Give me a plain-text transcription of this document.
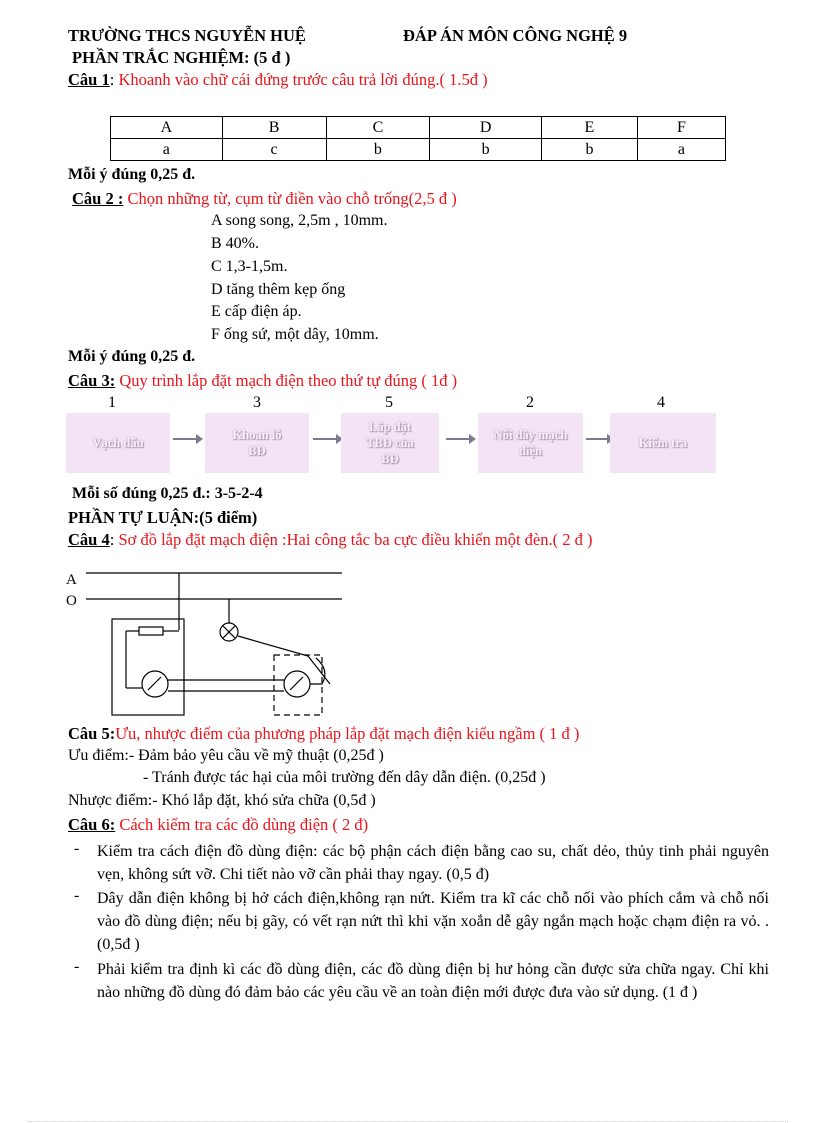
TRƯỜNG THCS NGUYỄN HUỆ	ĐÁP ÁN MÔN CÔNG NGHỆ 9
PHẦN TRẮC NGHIỆM: (5 đ )
Câu 1: Khoanh vào chữ cái đứng trước câu trả lời đúng.( 1.5đ )
A	B	C	D	E	F
a	c	b	b	b	a
Mỗi ý đúng 0,25 đ.
Câu 2 : Chọn những từ, cụm từ điền vào chỗ trống(2,5 đ )
A song song, 2,5m , 10mm.
B 40%.
C 1,3-1,5m.
D tăng thêm kẹp ống
E cấp điện áp.
F ống sứ, một dây, 10mm.
Mỗi ý đúng 0,25 đ.
Câu 3: Quy trình lắp đặt mạch điện theo thứ tự đúng ( 1đ )
1	3	5	2	4
Vạch dấu
Khoan lỗ BĐ
Lắp đặt TBĐ của BĐ
Nối dây mạch điện
Kiểm tra
Mỗi số đúng 0,25 đ.: 3-5-2-4
PHẦN TỰ LUẬN:(5 điểm)
Câu 4: Sơ đồ lắp đặt mạch điện :Hai công tắc ba cực điều khiển một đèn.( 2 đ )
A
O
Câu 5:Ưu, nhược điểm của phương pháp lắp đặt mạch điện kiểu ngầm ( 1 đ )
Ưu điểm:- Đảm bảo yêu cầu về mỹ thuật (0,25đ )
- Tránh được tác hại của môi trường đến dây dẫn điện. (0,25đ )
Nhược điểm:- Khó lắp đặt, khó sửa chữa (0,5đ )
Câu 6: Cách kiểm tra các đồ dùng điện ( 2 đ)
- Kiểm tra cách điện đồ dùng điện: các bộ phận cách điện bằng cao su, chất dẻo, thủy tinh phải nguyên vẹn, không sứt vỡ. Chi tiết nào vỡ cần phải thay ngay. (0,5 đ)
- Dây dẫn điện không bị hở cách điện,không rạn nứt. Kiểm tra kĩ các chỗ nối vào phích cắm và chỗ nối vào đồ dùng điện; nếu bị gãy, có vết rạn nứt thì khi vặn xoắn dễ gây ngắn mạch hoặc chạm điện ra vỏ. . (0,5đ )
- Phải kiểm tra định kì các đồ dùng điện, các đồ dùng điện bị hư hỏng cần được sửa chữa ngay. Chỉ khi nào những đồ dùng đó đảm bảo các yêu cầu về an toàn điện mới được đưa vào sử dụng. (1 đ )
